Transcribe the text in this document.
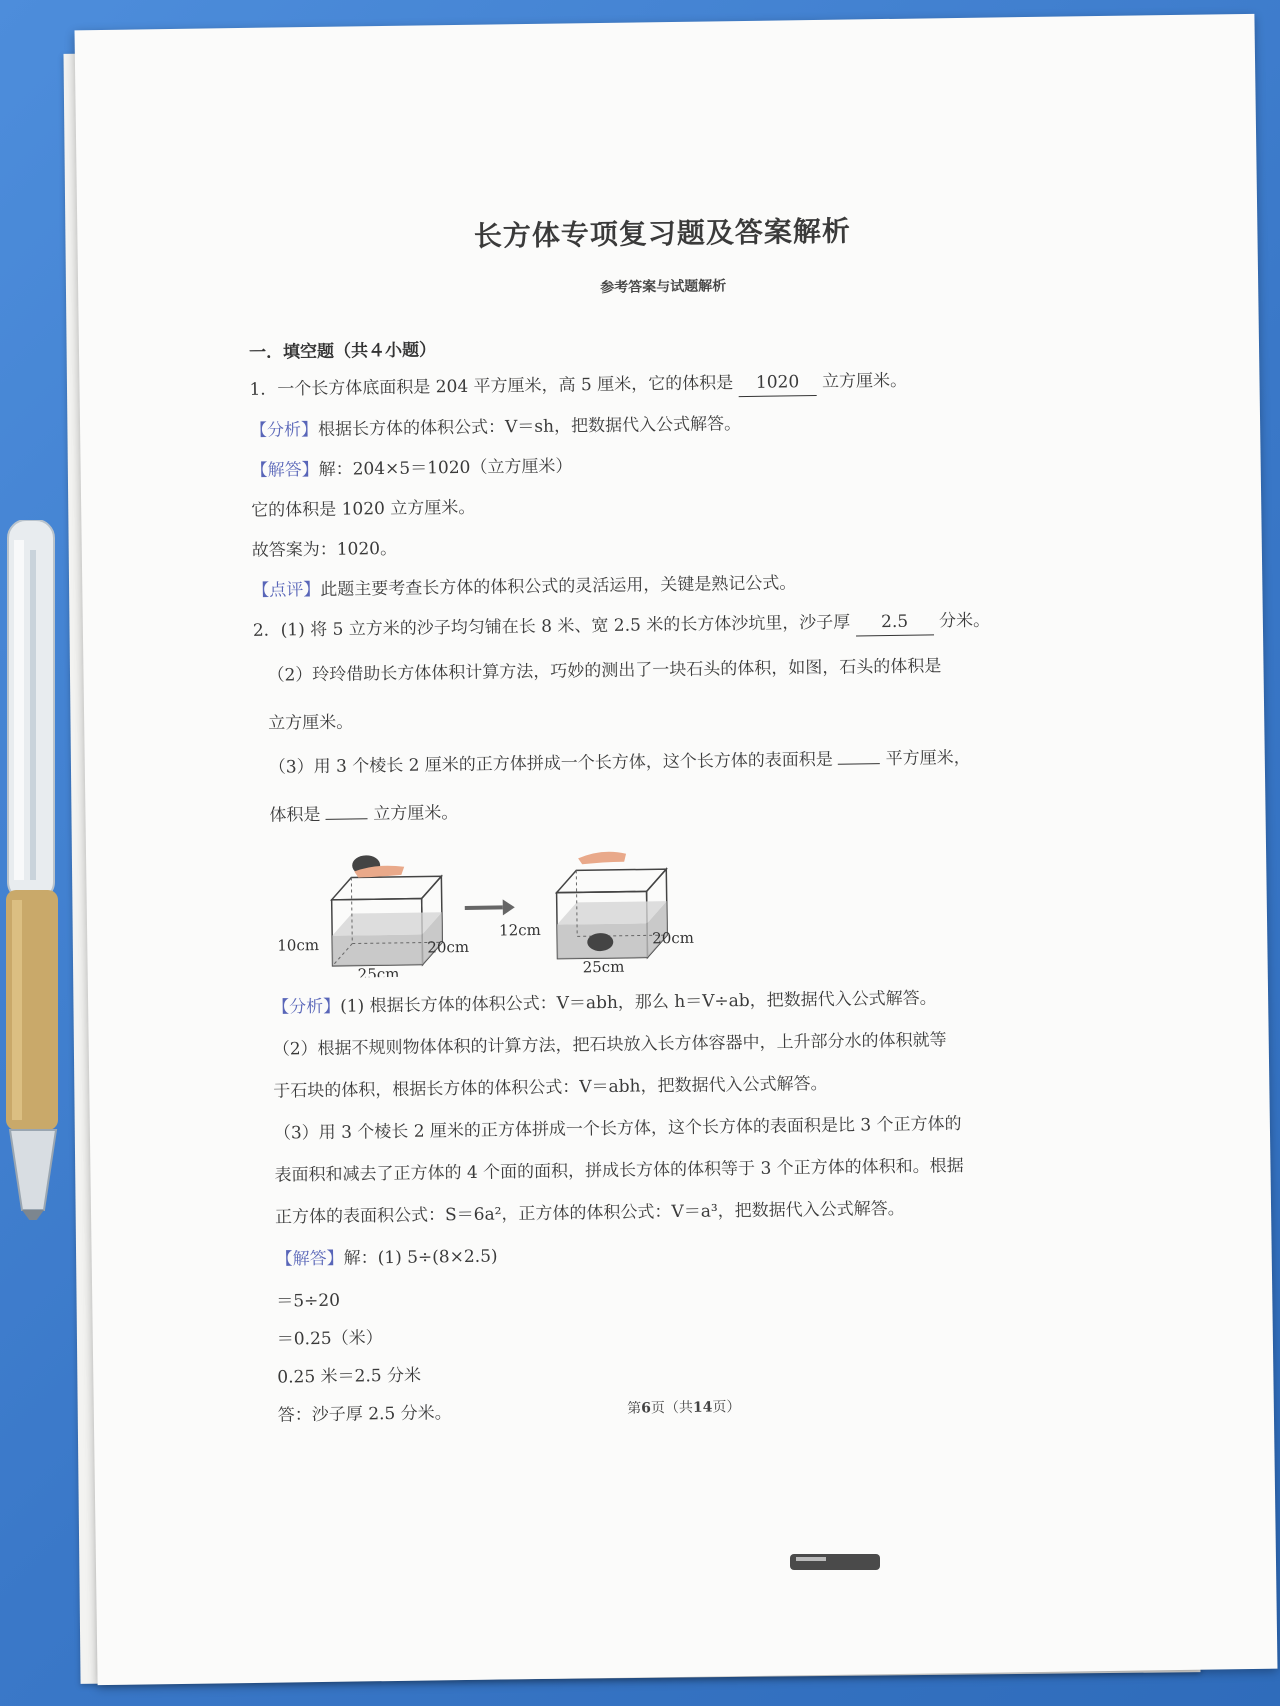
长方体专项复习题及答案解析
参考答案与试题解析
一．填空题（共４小题）
1．一个长方体底面积是 204 平方厘米，高 5 厘米，它的体积是 1020 立方厘米。
【分析】根据长方体的体积公式：V＝sh，把数据代入公式解答。
【解答】解：204×5＝1020（立方厘米）
它的体积是 1020 立方厘米。
故答案为：1020。
【点评】此题主要考查长方体的体积公式的灵活运用，关键是熟记公式。
2．(1) 将 5 立方米的沙子均匀铺在长 8 米、宽 2.5 米的长方体沙坑里，沙子厚 2.5 分米。
（2）玲玲借助长方体体积计算方法，巧妙的测出了一块石头的体积，如图，石头的体积是
立方厘米。
（3）用 3 个棱长 2 厘米的正方体拼成一个长方体，这个长方体的表面积是	平方厘米，
体积是	立方厘米。
10cm	20cm
25cm
12cm	20cm
25cm
【分析】(1) 根据长方体的体积公式：V＝abh，那么 h＝V÷ab，把数据代入公式解答。
（2）根据不规则物体体积的计算方法，把石块放入长方体容器中，上升部分水的体积就等
于石块的体积，根据长方体的体积公式：V＝abh，把数据代入公式解答。
（3）用 3 个棱长 2 厘米的正方体拼成一个长方体，这个长方体的表面积是比 3 个正方体的
表面积和减去了正方体的 4 个面的面积，拼成长方体的体积等于 3 个正方体的体积和。根据
正方体的表面积公式：S＝6a²，正方体的体积公式：V＝a³，把数据代入公式解答。
【解答】解：(1) 5÷(8×2.5)
＝5÷20
＝0.25（米）
0.25 米＝2.5 分米
答：沙子厚 2.5 分米。	第6页（共14页）
